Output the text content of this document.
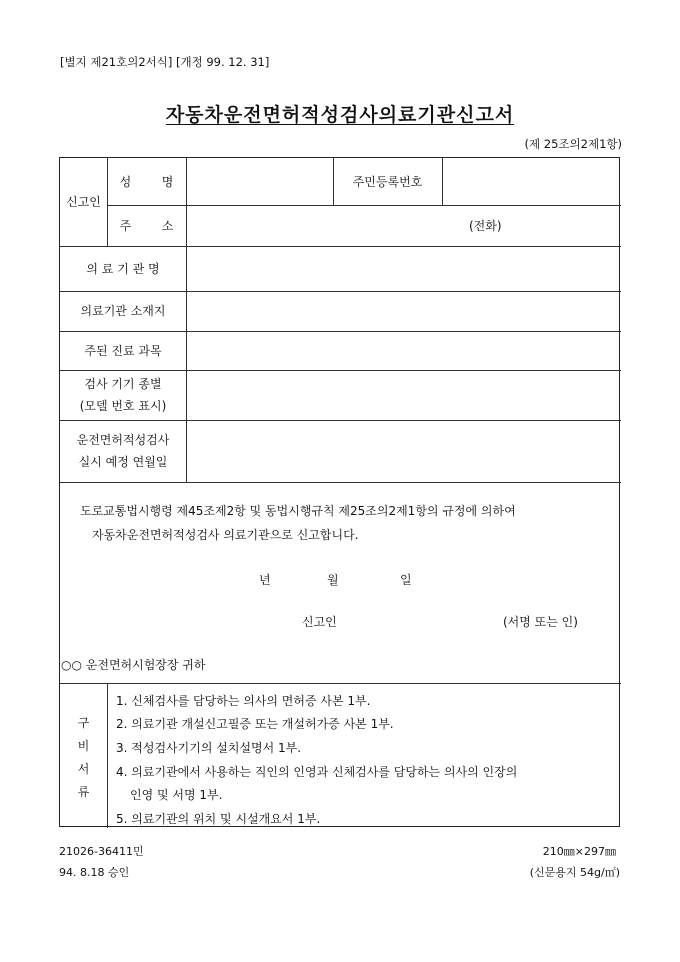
[별지 제21호의2서식] [개정 99. 12. 31]
자동차운전면허적성검사의료기관신고서
(제 25조의2제1항)
신고인
성        명	주민등록번호
주        소	(전화)
의 료 기 관 명
의료기관 소재지
주된 진료 과목
검사 기기 종별
(모델 번호 표시)
운전면허적성검사
실시 예정 연월일
도로교통법시행령 제45조제2항 및 동법시행규칙 제25조의2제1항의 규정에 의하여
자동차운전면허적성검사 의료기관으로 신고합니다.
년	월	일
신고인	(서명 또는 인)
○○ 운전면허시험장장 귀하
구
비
서
류
1. 신체검사를 담당하는 의사의 면허증 사본 1부.
2. 의료기관 개설신고필증 또는 개설허가증 사본 1부.
3. 적성검사기기의 설치설명서 1부.
4. 의료기관에서 사용하는 직인의 인영과 신체검사를 담당하는 의사의 인장의
인영 및 서명 1부.
5. 의료기관의 위치 및 시설개요서 1부.
21026-36411민
94. 8.18 승인
210㎜×297㎜
(신문용지 54g/㎡)
